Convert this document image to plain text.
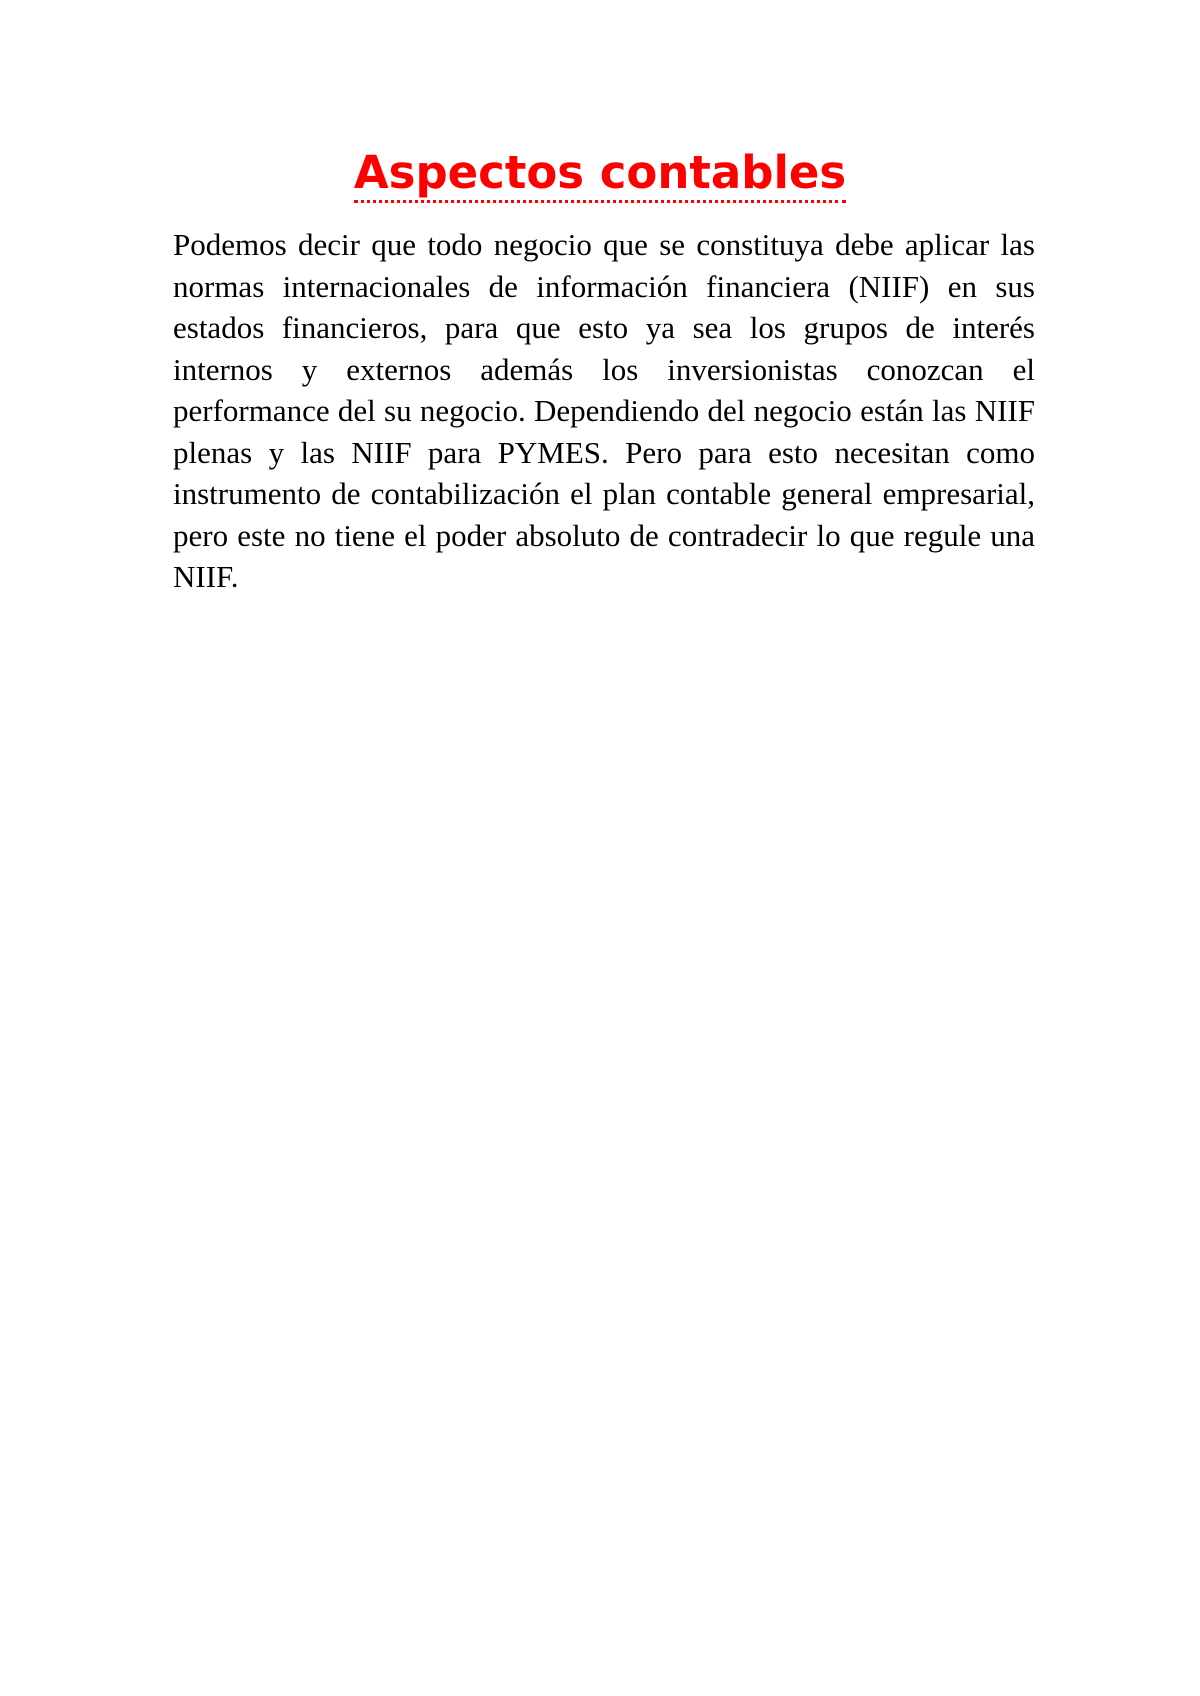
Aspectos contables

Podemos decir que todo negocio que se constituya debe aplicar las normas internacionales de información financiera (NIIF) en sus estados financieros, para que esto ya sea los grupos de interés internos y externos además los inversionistas conozcan el performance del su negocio. Dependiendo del negocio están las NIIF plenas y las NIIF para PYMES. Pero para esto necesitan como instrumento de contabilización el plan contable general empresarial, pero este no tiene el poder absoluto de contradecir lo que regule una NIIF.
